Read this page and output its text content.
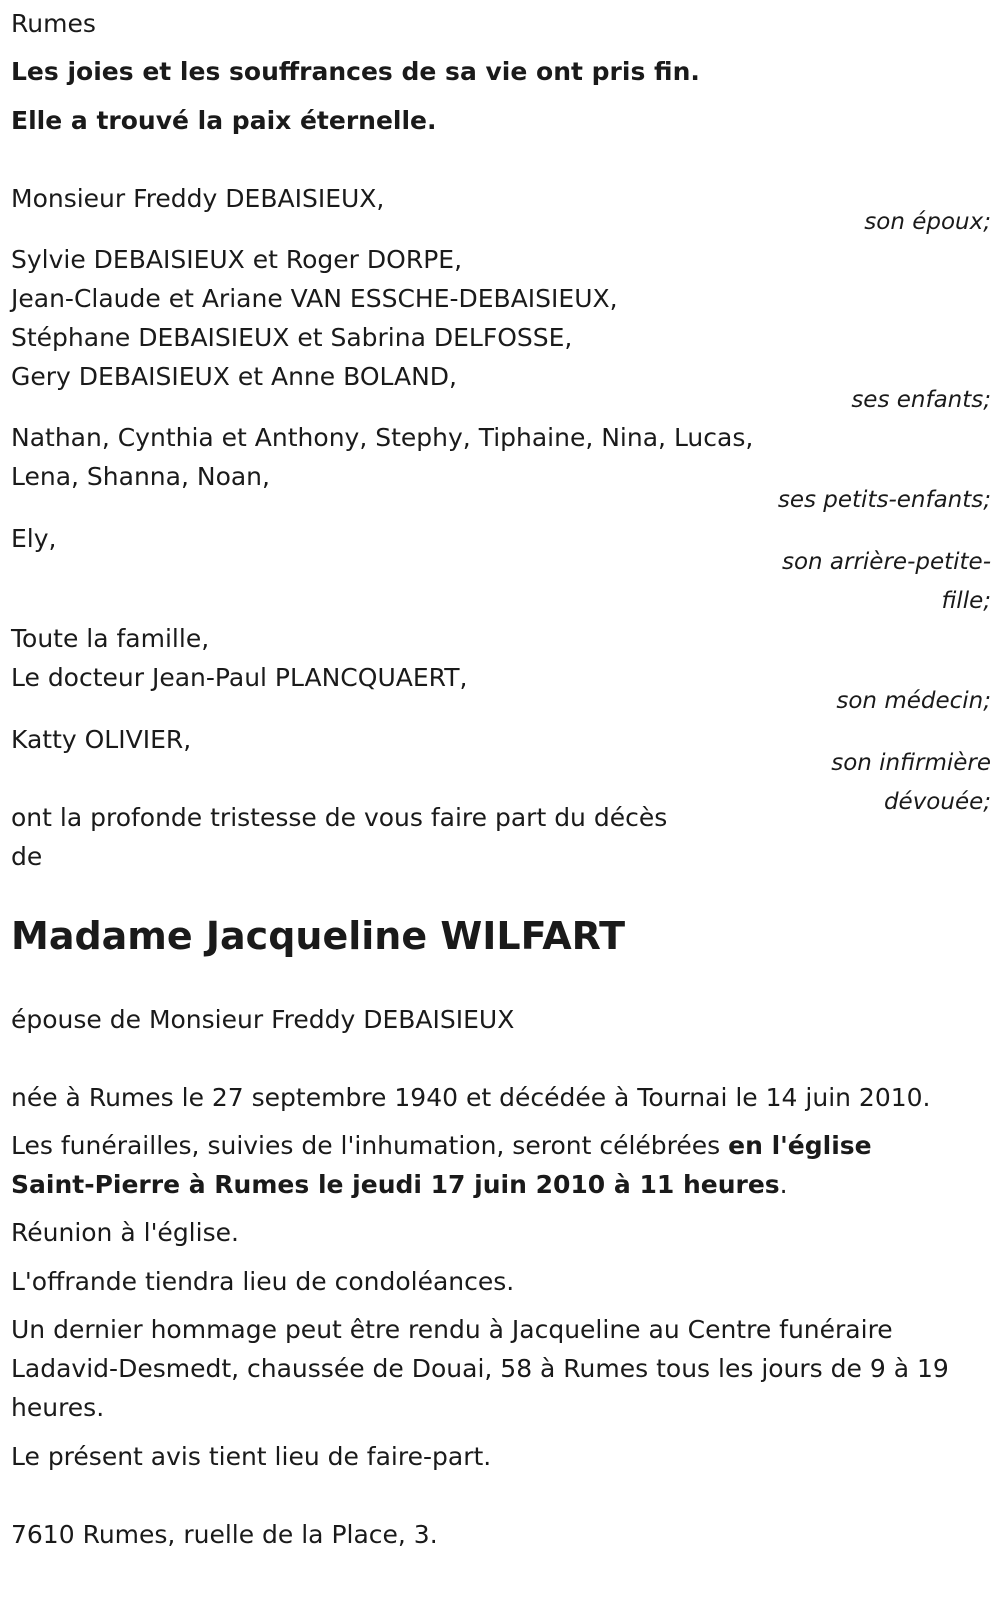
Rumes
Les joies et les souffrances de sa vie ont pris fin.
Elle a trouvé la paix éternelle.
Monsieur Freddy DEBAISIEUX,
son époux;
Sylvie DEBAISIEUX et Roger DORPE,
Jean-Claude et Ariane VAN ESSCHE-DEBAISIEUX,
Stéphane DEBAISIEUX et Sabrina DELFOSSE,
Gery DEBAISIEUX et Anne BOLAND,
ses enfants;
Nathan, Cynthia et Anthony, Stephy, Tiphaine, Nina, Lucas,
Lena, Shanna, Noan,
ses petits-enfants;
Ely,
son arrière-petite-
fille;
Toute la famille,
Le docteur Jean-Paul PLANCQUAERT,
son médecin;
Katty OLIVIER,
son infirmière
dévouée;
ont la profonde tristesse de vous faire part du décès
de
Madame Jacqueline WILFART
épouse de Monsieur Freddy DEBAISIEUX
née à Rumes le 27 septembre 1940 et décédée à Tournai le 14 juin 2010.
Les funérailles, suivies de l'inhumation, seront célébrées en l'église
Saint-Pierre à Rumes le jeudi 17 juin 2010 à 11 heures.
Réunion à l'église.
L'offrande tiendra lieu de condoléances.
Un dernier hommage peut être rendu à Jacqueline au Centre funéraire
Ladavid-Desmedt, chaussée de Douai, 58 à Rumes tous les jours de 9 à 19
heures.
Le présent avis tient lieu de faire-part.
7610 Rumes, ruelle de la Place, 3.
